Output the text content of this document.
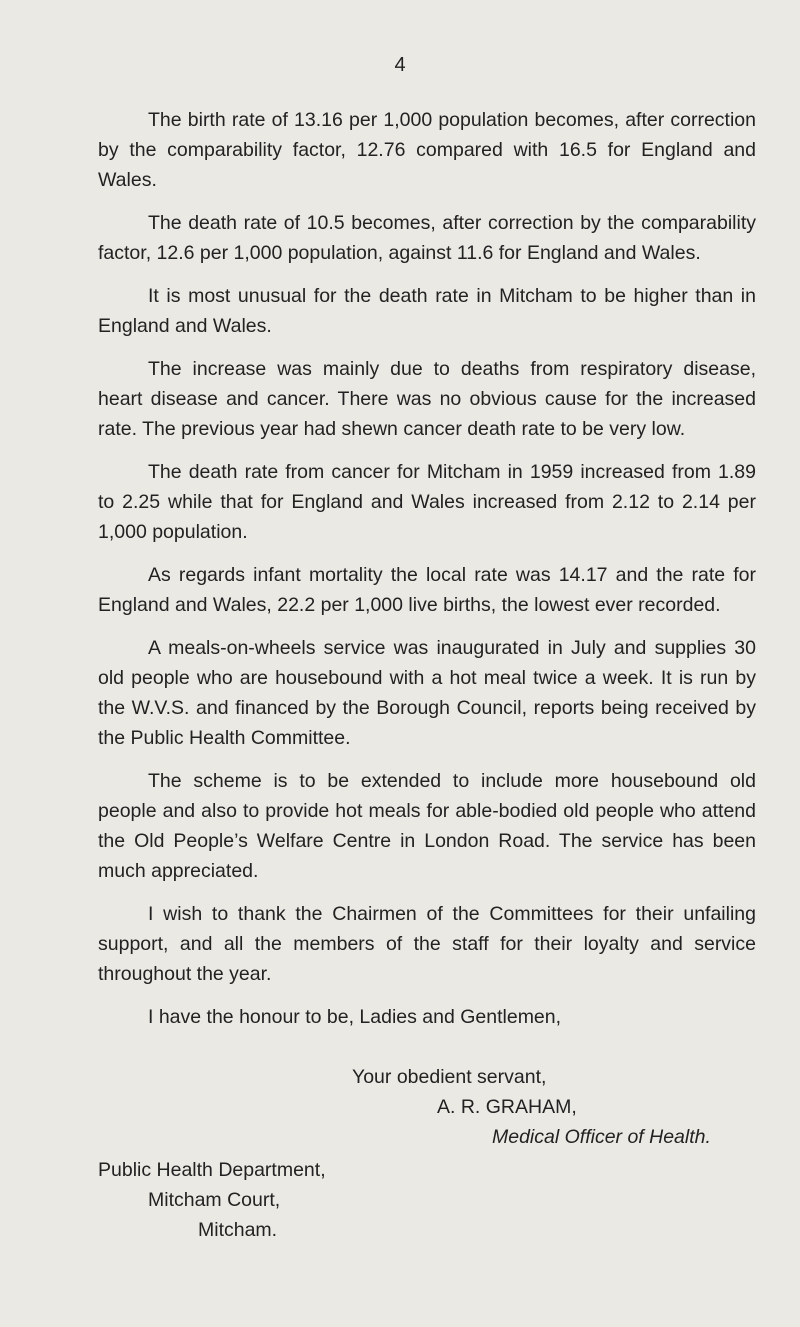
4

The birth rate of 13.16 per 1,000 population becomes, after correction by the comparability factor, 12.76 compared with 16.5 for England and Wales.

The death rate of 10.5 becomes, after correction by the comparability factor, 12.6 per 1,000 population, against 11.6 for England and Wales.

It is most unusual for the death rate in Mitcham to be higher than in England and Wales.

The increase was mainly due to deaths from respiratory disease, heart disease and cancer. There was no obvious cause for the increased rate. The previous year had shewn cancer death rate to be very low.

The death rate from cancer for Mitcham in 1959 increased from 1.89 to 2.25 while that for England and Wales increased from 2.12 to 2.14 per 1,000 population.

As regards infant mortality the local rate was 14.17 and the rate for England and Wales, 22.2 per 1,000 live births, the lowest ever recorded.

A meals-on-wheels service was inaugurated in July and supplies 30 old people who are housebound with a hot meal twice a week. It is run by the W.V.S. and financed by the Borough Council, reports being received by the Public Health Committee.

The scheme is to be extended to include more housebound old people and also to provide hot meals for able-bodied old people who attend the Old People’s Welfare Centre in London Road. The service has been much appreciated.

I wish to thank the Chairmen of the Committees for their unfailing support, and all the members of the staff for their loyalty and service throughout the year.

I have the honour to be, Ladies and Gentlemen,

Your obedient servant,
A. R. GRAHAM,
Medical Officer of Health.
Public Health Department,
Mitcham Court,
Mitcham.
